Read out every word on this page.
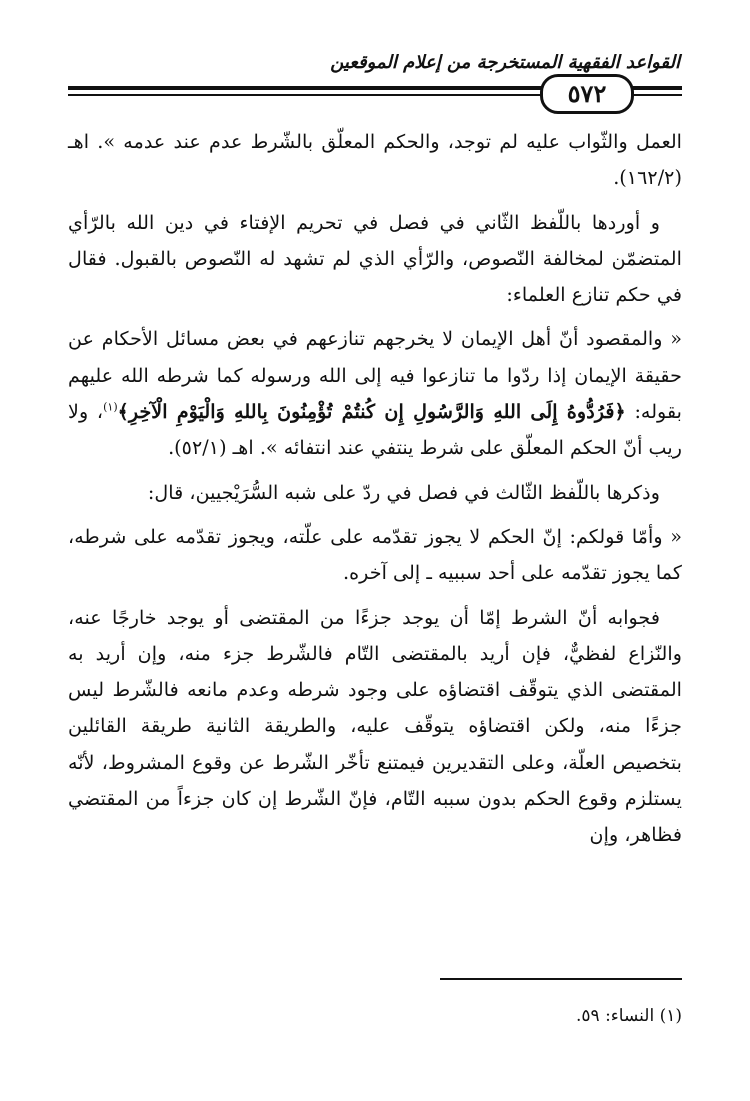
القواعد الفقهية المستخرجة من إعلام الموقعين
٥٧٢

العمل والثّواب عليه لم توجد، والحكم المعلّق بالشّرط عدم عند عدمه ». اهـ (١٦٢/٢).

و أوردها باللّفظ الثّاني في فصل في تحريم الإفتاء في دين الله بالرّأي المتضمّن لمخالفة النّصوص، والرّأي الذي لم تشهد له النّصوص بالقبول. فقال في حكم تنازع العلماء:

« والمقصود أنّ أهل الإيمان لا يخرجهم تنازعهم في بعض مسائل الأحكام عن حقيقة الإيمان إذا ردّوا ما تنازعوا فيه إلى الله ورسوله كما شرطه الله عليهم بقوله: ﴿فَرُدُّوهُ إِلَى اللهِ وَالرَّسُولِ إِن كُنتُمْ تُؤْمِنُونَ بِاللهِ وَالْيَوْمِ الْآخِرِ﴾$^{(١)}$، ولا ريب أنّ الحكم المعلّق على شرط ينتفي عند انتفائه ». اهـ (٥٢/١).

وذكرها باللّفظ الثّالث في فصل في ردّ على شبه السُّرَيْجيين، قال:

« وأمّا قولكم: إنّ الحكم لا يجوز تقدّمه على علّته، ويجوز تقدّمه على شرطه، كما يجوز تقدّمه على أحد سببيه ـ إلى آخره.

فجوابه أنّ الشرط إمّا أن يوجد جزءًا من المقتضى أو يوجد خارجًا عنه، والنّزاع لفظيٌّ، فإن أريد بالمقتضى التّام فالشّرط جزء منه، وإن أريد به المقتضى الذي يتوقّف اقتضاؤه على وجود شرطه وعدم مانعه فالشّرط ليس جزءًا منه، ولكن اقتضاؤه يتوقّف عليه، والطريقة الثانية طريقة القائلين بتخصيص العلّة، وعلى التقديرين فيمتنع تأخّر الشّرط عن وقوع المشروط، لأنّه يستلزم وقوع الحكم بدون سببه التّام، فإنّ الشّرط إن كان جزءاً من المقتضي فظاهر، وإن

(١) النساء: ٥٩.
